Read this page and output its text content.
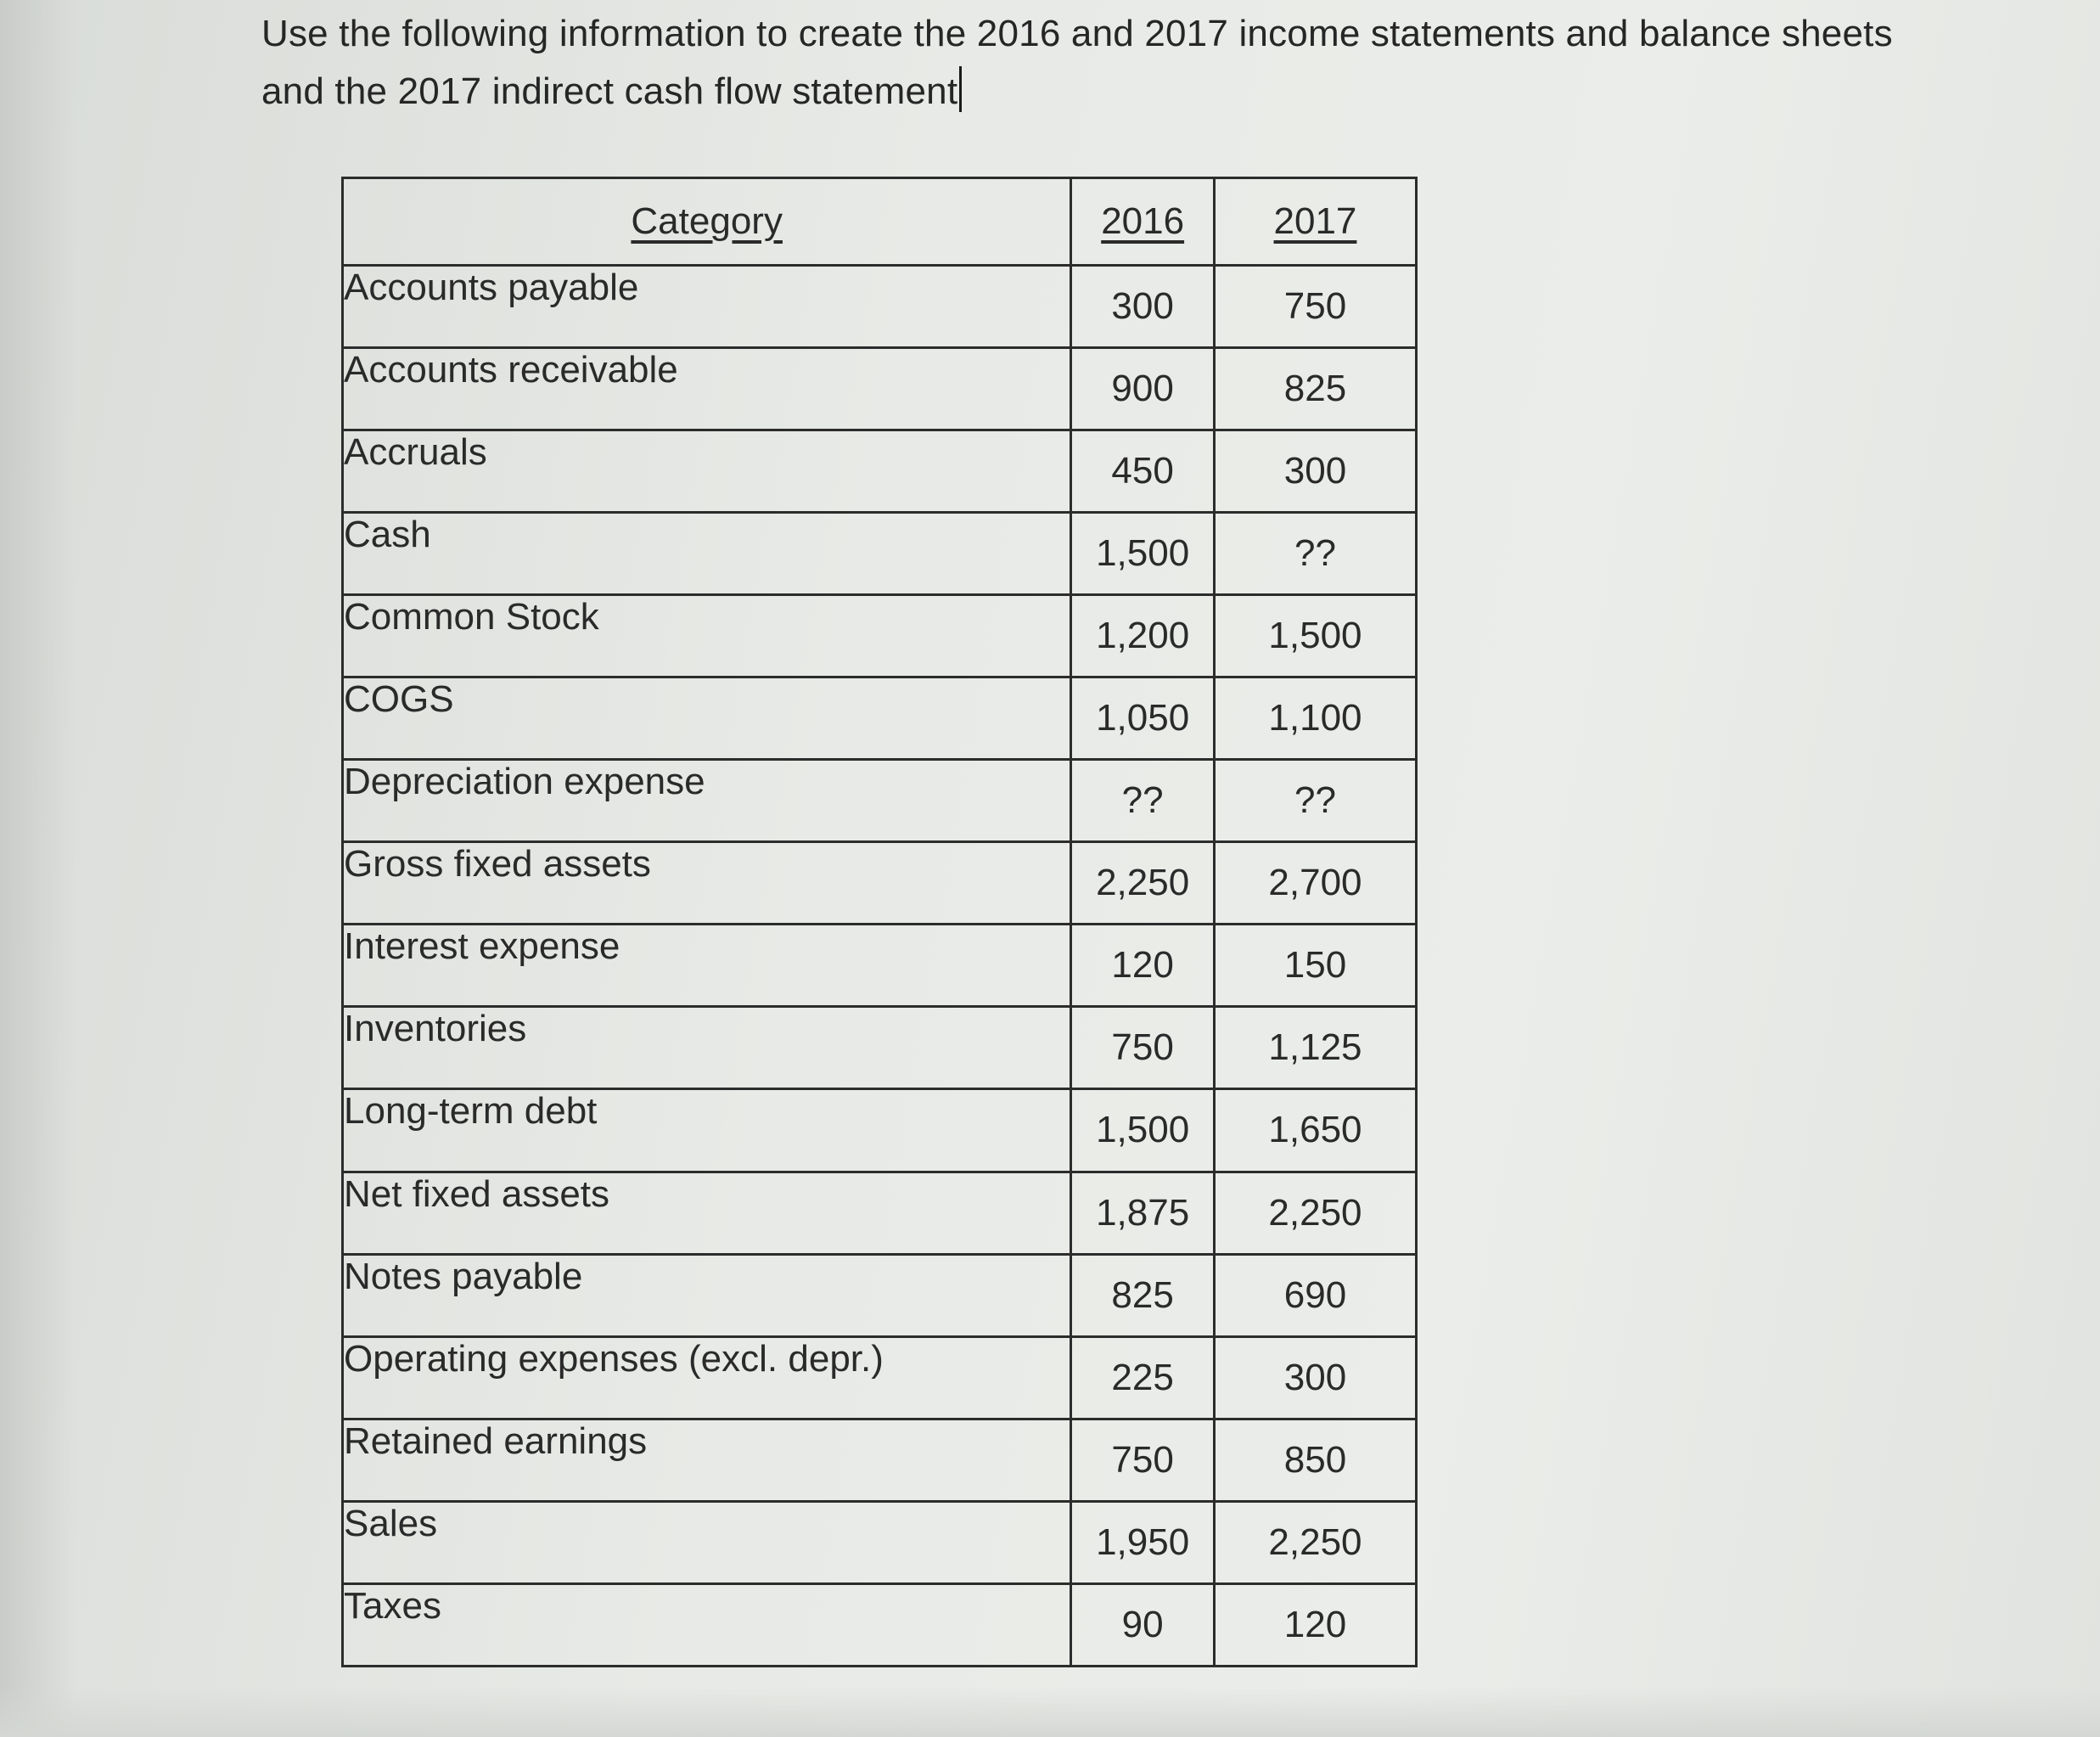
Use the following information to create the 2016 and 2017 income statements and balance sheets and the 2017 indirect cash flow statement
Category	2016	2017
Accounts payable	300	750
Accounts receivable	900	825
Accruals	450	300
Cash	1,500	??
Common Stock	1,200	1,500
COGS	1,050	1,100
Depreciation expense	??	??
Gross fixed assets	2,250	2,700
Interest expense	120	150
Inventories	750	1,125
Long-term debt	1,500	1,650
Net fixed assets	1,875	2,250
Notes payable	825	690
Operating expenses (excl. depr.)	225	300
Retained earnings	750	850
Sales	1,950	2,250
Taxes	90	120
